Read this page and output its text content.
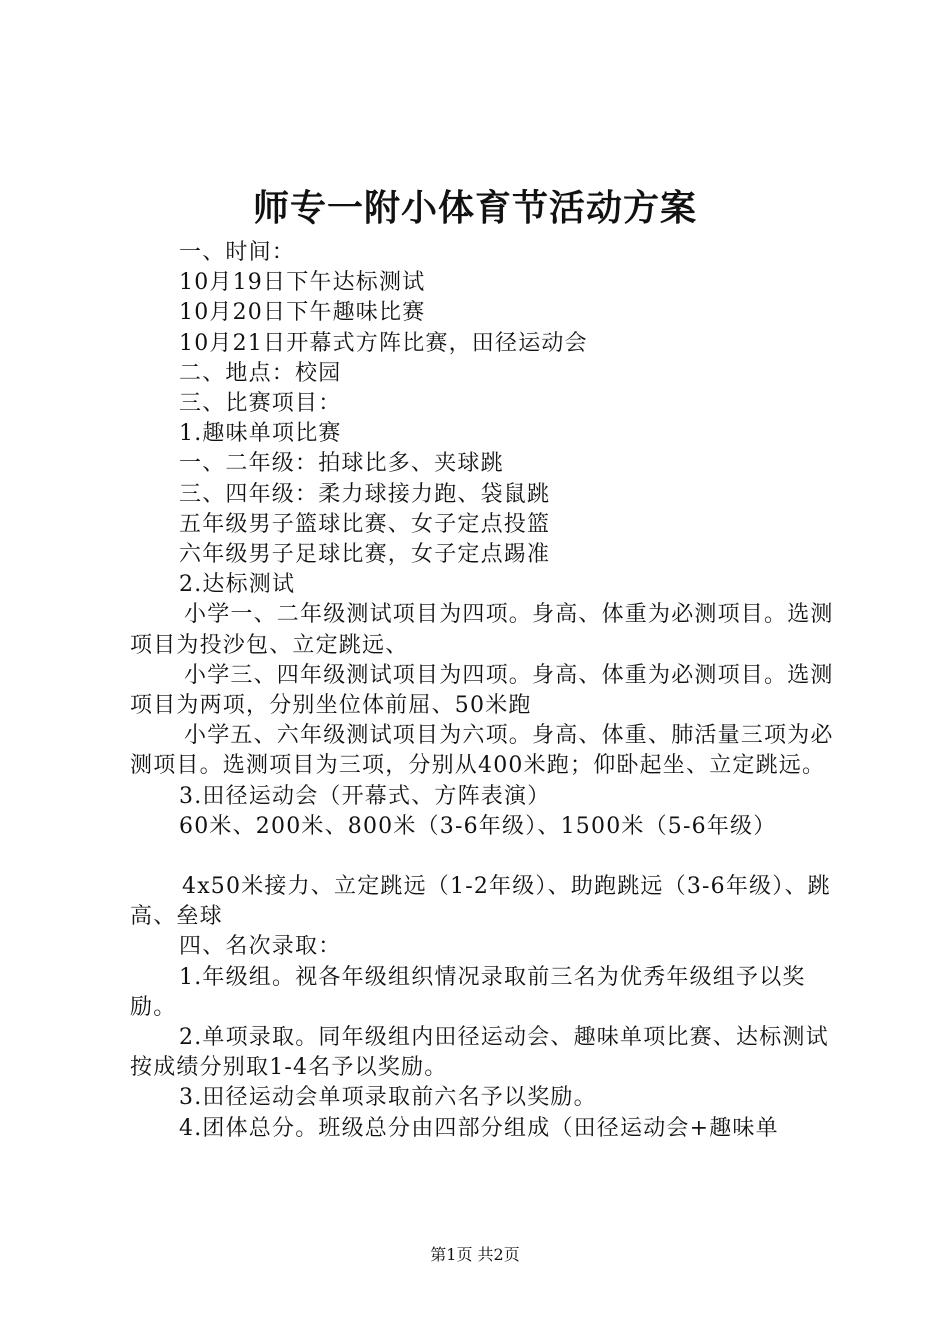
师专一附小体育节活动方案

一、时间：

10月19日下午达标测试

10月20日下午趣味比赛

10月21日开幕式方阵比赛，田径运动会

二、地点：校园

三、比赛项目：

1.趣味单项比赛

一、二年级：拍球比多、夹球跳

三、四年级：柔力球接力跑、袋鼠跳

五年级男子篮球比赛、女子定点投篮

六年级男子足球比赛，女子定点踢准

2.达标测试

小学一、二年级测试项目为四项。身高、体重为必测项目。选测项目为投沙包、立定跳远、

小学三、四年级测试项目为四项。身高、体重为必测项目。选测项目为两项，分别坐位体前屈、50米跑

小学五、六年级测试项目为六项。身高、体重、肺活量三项为必测项目。选测项目为三项，分别从400米跑；仰卧起坐、立定跳远。

3.田径运动会（开幕式、方阵表演）

60米、200米、800米（3-6年级）、1500米（5-6年级）

4x50米接力、立定跳远（1-2年级）、助跑跳远（3-6年级）、跳高、垒球

四、名次录取：

1.年级组。视各年级组织情况录取前三名为优秀年级组予以奖励。

2.单项录取。同年级组内田径运动会、趣味单项比赛、达标测试按成绩分别取1-4名予以奖励。

3.田径运动会单项录取前六名予以奖励。

4.团体总分。班级总分由四部分组成（田径运动会+趣味单

第1页 共2页
